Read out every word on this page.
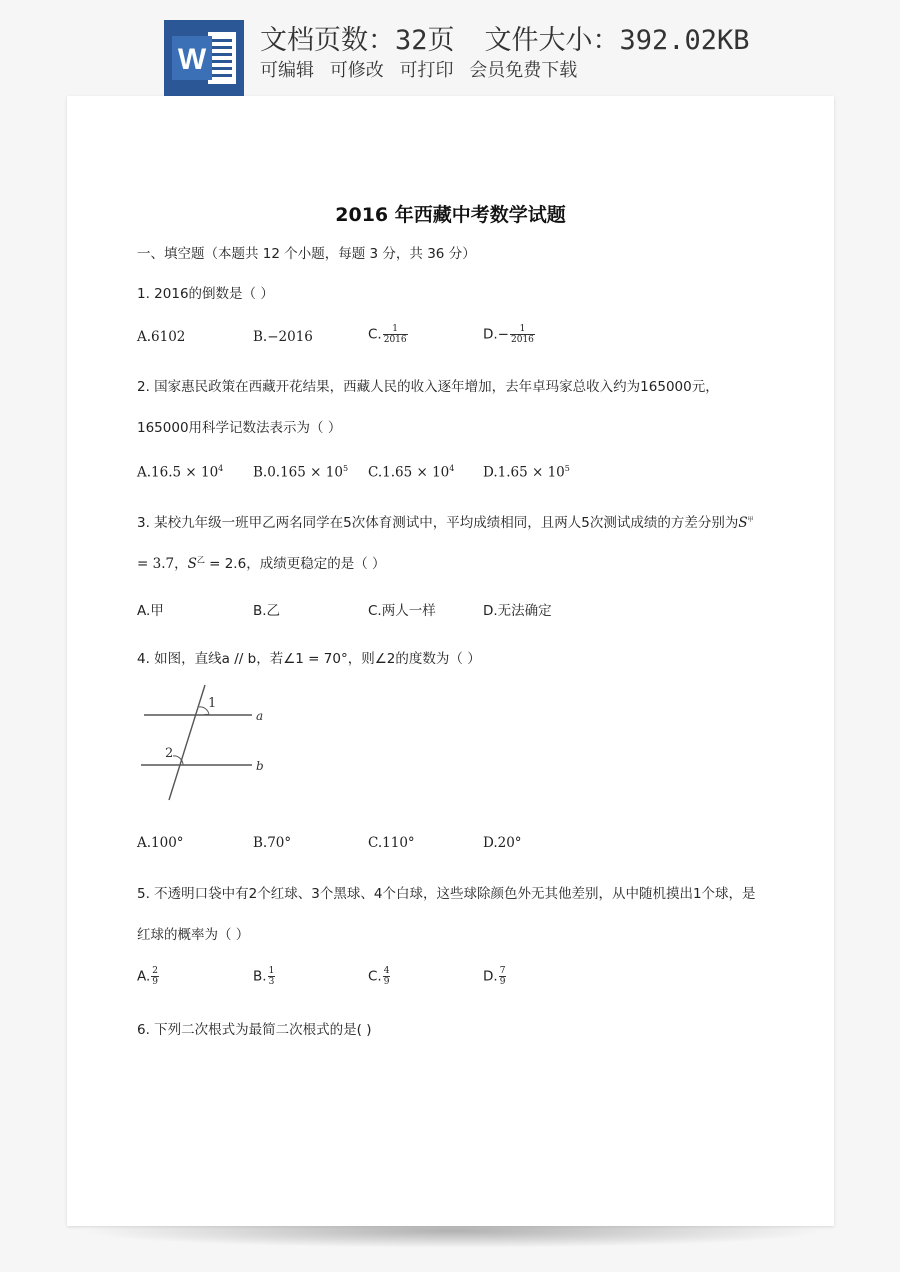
W
文档页数：32页 文件大小：392.02KB
可编辑 可修改 可打印 会员免费下载
2016 年西藏中考数学试题
一、填空题（本题共 12 个小题，每题 3 分，共 36 分）
1. 2016的倒数是（ ）
A.6102	B.−2016	C. $\frac{1}{2016}$	$D.- \frac{1}{2016}$
2. 国家惠民政策在西藏开花结果，西藏人民的收入逐年增加，去年卓玛家总收入约为165000元，
165000用科学记数法表示为（ ）
$A.16.5 \times 10^4$ $B.0.165 \times 10^5$ $C.1.65 \times 10^4$ $D.1.65 \times 10^5$
3. 某校九年级一班甲乙两名同学在5次体育测试中，平均成绩相同，且两人5次测试成绩的方差分别为$S^甲$
= 3.7，$S^乙 = 2.6$，成绩更稳定的是（ ）
A.甲	B.乙	C.两人一样	D.无法确定
4. 如图，直线a // b，若∠1 = 70°，则∠2的度数为（ ）
1
2
a
b
A.100°	B.70°	C.110°	D.20°
5. 不透明口袋中有2个红球、3个黑球、4个白球，这些球除颜色外无其他差别，从中随机摸出1个球，是
红球的概率为（ ）
A. $\frac{2}{9}$	B. $\frac{1}{3}$	C. $\frac{4}{9}$	D. $\frac{7}{9}$
6. 下列二次根式为最简二次根式的是( )
